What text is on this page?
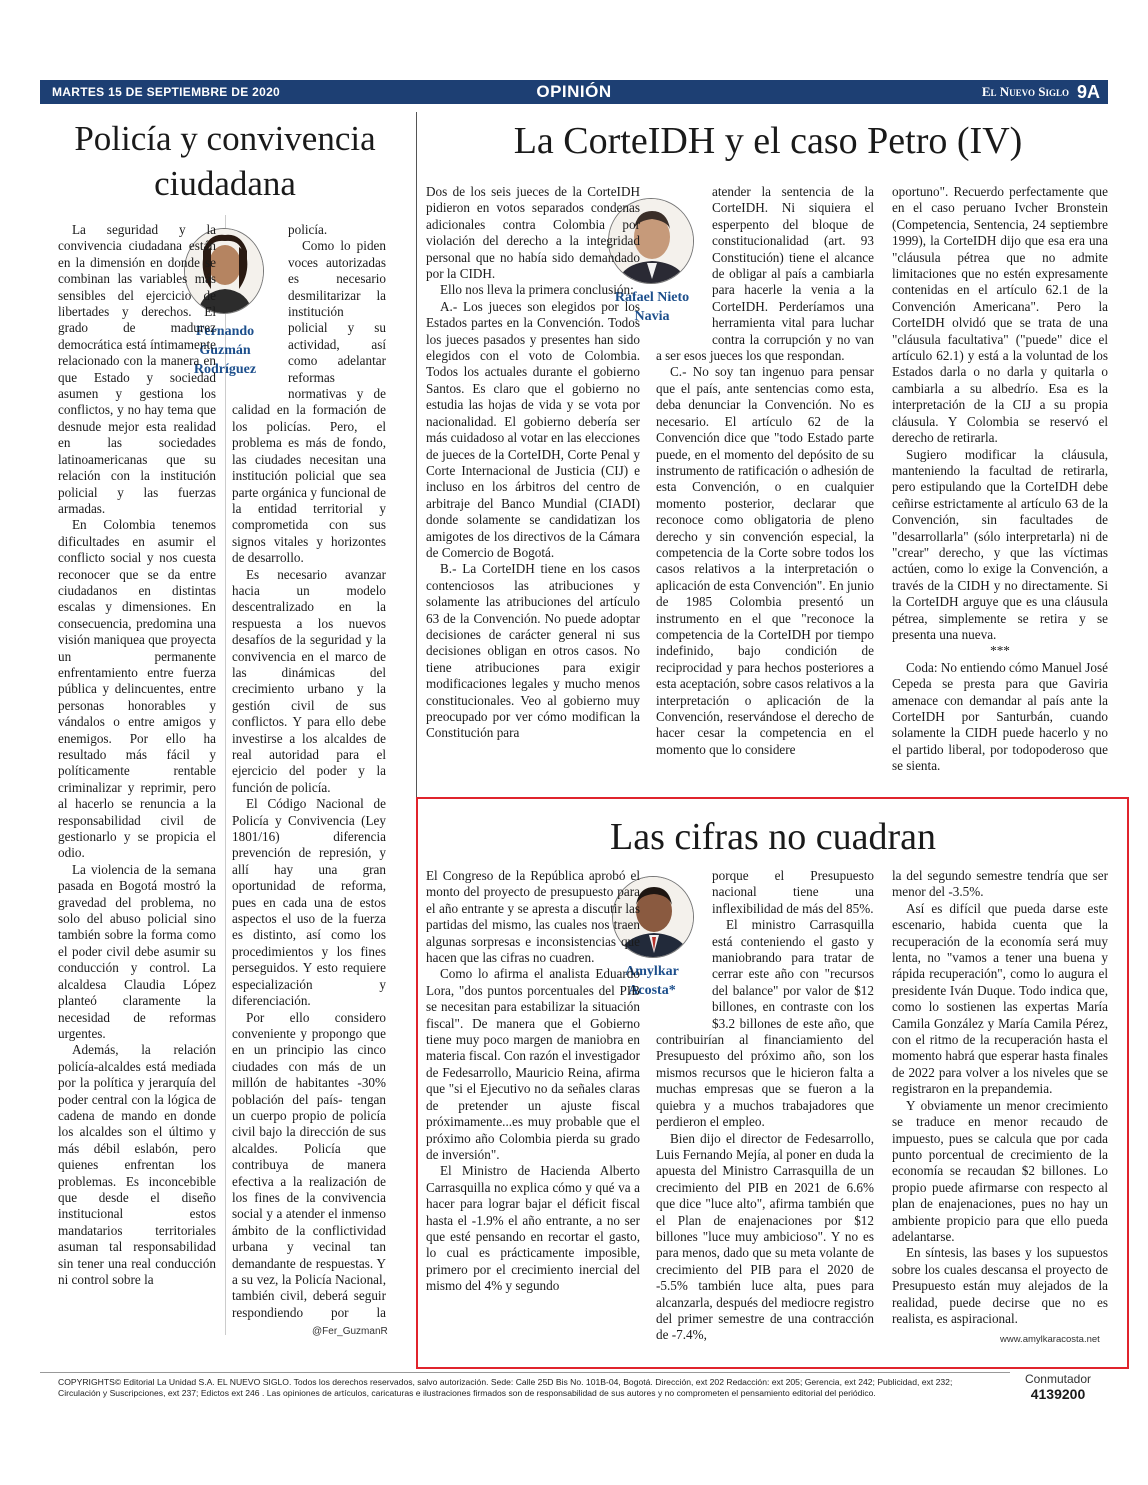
MARTES 15 DE SEPTIEMBRE DE 2020	OPINIÓN	El Nuevo Siglo 9A
Policía y convivencia ciudadana
Fernando Guzmán Rodríguez

La seguridad y la convivencia ciudadana están en la dimensión en donde se combinan las variables más sensibles del ejercicio de libertades y derechos. El grado de madurez democrática está íntimamente relacionado con la manera en que Estado y sociedad asumen y gestiona los conflictos, y no hay tema que desnude mejor esta realidad en las sociedades latinoamericanas que su relación con la institución policial y las fuerzas armadas.

En Colombia tenemos dificultades en asumir el conflicto social y nos cuesta reconocer que se da entre ciudadanos en distintas escalas y dimensiones. En consecuencia, predomina una visión maniquea que proyecta un permanente enfrentamiento entre fuerza pública y delincuentes, entre personas honorables y vándalos o entre amigos y enemigos. Por ello ha resultado más fácil y políticamente rentable criminalizar y reprimir, pero al hacerlo se renuncia a la responsabilidad civil de gestionarlo y se propicia el odio.

La violencia de la semana pasada en Bogotá mostró la gravedad del problema, no solo del abuso policial sino también sobre la forma como el poder civil debe asumir su conducción y control. La alcaldesa Claudia López planteó claramente la necesidad de reformas urgentes.

Además, la relación policía-alcaldes está mediada por la política y jerarquía del poder central con la lógica de cadena de mando en donde los alcaldes son el último y más débil eslabón, pero quienes enfrentan los problemas. Es inconcebible que desde el diseño institucional estos mandatarios territoriales asuman tal responsabilidad sin tener una real conducción ni control sobre la

policía.

Como lo piden voces autorizadas es necesario desmilitarizar la institución policial y su actividad, así como adelantar reformas normativas y de calidad en la formación de los policías. Pero, el problema es más de fondo, las ciudades necesitan una institución policial que sea parte orgánica y funcional de la entidad territorial y comprometida con sus signos vitales y horizontes de desarrollo.

Es necesario avanzar hacia un modelo descentralizado en la respuesta a los nuevos desafíos de la seguridad y la convivencia en el marco de las dinámicas del crecimiento urbano y la gestión civil de sus conflictos. Y para ello debe investirse a los alcaldes de real autoridad para el ejercicio del poder y la función de policía.

El Código Nacional de Policía y Convivencia (Ley 1801/16) diferencia prevención de represión, y allí hay una gran oportunidad de reforma, pues en cada una de estos aspectos el uso de la fuerza es distinto, así como los procedimientos y los fines perseguidos. Y esto requiere especialización y diferenciación.

Por ello considero conveniente y propongo que en un principio las cinco ciudades con más de un millón de habitantes -30% población del país- tengan un cuerpo propio de policía civil bajo la dirección de sus alcaldes. Policía que contribuya de manera efectiva a la realización de los fines de la convivencia social y a atender el inmenso ámbito de la conflictividad urbana y vecinal tan demandante de respuestas. Y a su vez, la Policía Nacional, también civil, deberá seguir respondiendo por la

@Fer_GuzmanR
La CorteIDH y el caso Petro (IV)
Rafael Nieto Navia

Dos de los seis jueces de la CorteIDH pidieron en votos separados condenas adicionales contra Colombia por violación del derecho a la integridad personal que no había sido demandado por la CIDH.

Ello nos lleva la primera conclusión:

A.- Los jueces son elegidos por los Estados partes en la Convención. Todos los jueces pasados y presentes han sido elegidos con el voto de Colombia. Todos los actuales durante el gobierno Santos. Es claro que el gobierno no estudia las hojas de vida y se vota por nacionalidad. El gobierno debería ser más cuidadoso al votar en las elecciones de jueces de la CorteIDH, Corte Penal y Corte Internacional de Justicia (CIJ) e incluso en los árbitros del centro de arbitraje del Banco Mundial (CIADI) donde solamente se candidatizan los amigotes de los directivos de la Cámara de Comercio de Bogotá.

B.- La CorteIDH tiene en los casos contenciosos las atribuciones y solamente las atribuciones del artículo 63 de la Convención. No puede adoptar decisiones de carácter general ni sus decisiones obligan en otros casos. No tiene atribuciones para exigir modificaciones legales y mucho menos constitucionales. Veo al gobierno muy preocupado por ver cómo modifican la Constitución para

atender la sentencia de la CorteIDH. Ni siquiera el esperpento del bloque de constitucionalidad (art. 93 Constitución) tiene el alcance de obligar al país a cambiarla para hacerle la venia a la CorteIDH. Perderíamos una herramienta vital para luchar contra la corrupción y no van a ser esos jueces los que respondan.

C.- No soy tan ingenuo para pensar que el país, ante sentencias como esta, deba denunciar la Convención. No es necesario. El artículo 62 de la Convención dice que "todo Estado parte puede, en el momento del depósito de su instrumento de ratificación o adhesión de esta Convención, o en cualquier momento posterior, declarar que reconoce como obligatoria de pleno derecho y sin convención especial, la competencia de la Corte sobre todos los casos relativos a la interpretación o aplicación de esta Convención". En junio de 1985 Colombia presentó un instrumento en el que "reconoce la competencia de la CorteIDH por tiempo indefinido, bajo condición de reciprocidad y para hechos posteriores a esta aceptación, sobre casos relativos a la interpretación o aplicación de la Convención, reservándose el derecho de hacer cesar la competencia en el momento que lo considere

oportuno". Recuerdo perfectamente que en el caso peruano Ivcher Bronstein (Competencia, Sentencia, 24 septiembre 1999), la CorteIDH dijo que esa era una "cláusula pétrea que no admite limitaciones que no estén expresamente contenidas en el artículo 62.1 de la Convención Americana". Pero la CorteIDH olvidó que se trata de una "cláusula facultativa" ("puede" dice el artículo 62.1) y está a la voluntad de los Estados darla o no darla y quitarla o cambiarla a su albedrío. Esa es la interpretación de la CIJ a su propia cláusula. Y Colombia se reservó el derecho de retirarla.

Sugiero modificar la cláusula, manteniendo la facultad de retirarla, pero estipulando que la CorteIDH debe ceñirse estrictamente al artículo 63 de la Convención, sin facultades de "desarrollarla" (sólo interpretarla) ni de "crear" derecho, y que las víctimas actúen, como lo exige la Convención, a través de la CIDH y no directamente. Si la CorteIDH arguye que es una cláusula pétrea, simplemente se retira y se presenta una nueva.

***

Coda: No entiendo cómo Manuel José Cepeda se presta para que Gaviria amenace con demandar al país ante la CorteIDH por Santurbán, cuando solamente la CIDH puede hacerlo y no el partido liberal, por todopoderoso que se sienta.

Las cifras no cuadran
Amylkar Acosta*

El Congreso de la República aprobó el monto del proyecto de presupuesto para el año entrante y se apresta a discutir las partidas del mismo, las cuales nos traen algunas sorpresas e inconsistencias que hacen que las cifras no cuadren.

Como lo afirma el analista Eduardo Lora, "dos puntos porcentuales del PIB se necesitan para estabilizar la situación fiscal". De manera que el Gobierno tiene muy poco margen de maniobra en materia fiscal. Con razón el investigador de Fedesarrollo, Mauricio Reina, afirma que "si el Ejecutivo no da señales claras de pretender un ajuste fiscal próximamente...es muy probable que el próximo año Colombia pierda su grado de inversión".

El Ministro de Hacienda Alberto Carrasquilla no explica cómo y qué va a hacer para lograr bajar el déficit fiscal hasta el -1.9% el año entrante, a no ser que esté pensando en recortar el gasto, lo cual es prácticamente imposible, primero por el crecimiento inercial del mismo del 4% y segundo

porque el Presupuesto nacional tiene una inflexibilidad de más del 85%.

El ministro Carrasquilla está conteniendo el gasto y maniobrando para tratar de cerrar este año con "recursos del balance" por valor de $12 billones, en contraste con los $3.2 billones de este año, que contribuirían al financiamiento del Presupuesto del próximo año, son los mismos recursos que le hicieron falta a muchas empresas que se fueron a la quiebra y a muchos trabajadores que perdieron el empleo.

Bien dijo el director de Fedesarrollo, Luis Fernando Mejía, al poner en duda la apuesta del Ministro Carrasquilla de un crecimiento del PIB en 2021 de 6.6% que dice "luce alto", afirma también que el Plan de enajenaciones por $12 billones "luce muy ambicioso". Y no es para menos, dado que su meta volante de crecimiento del PIB para el 2020 de -5.5% también luce alta, pues para alcanzarla, después del mediocre registro del primer semestre de una contracción de -7.4%,

la del segundo semestre tendría que ser menor del -3.5%.

Así es difícil que pueda darse este escenario, habida cuenta que la recuperación de la economía será muy lenta, no "vamos a tener una buena y rápida recuperación", como lo augura el presidente Iván Duque. Todo indica que, como lo sostienen las expertas María Camila González y María Camila Pérez, con el ritmo de la recuperación hasta el momento habrá que esperar hasta finales de 2022 para volver a los niveles que se registraron en la prepandemia.

Y obviamente un menor crecimiento se traduce en menor recaudo de impuesto, pues se calcula que por cada punto porcentual de crecimiento de la economía se recaudan $2 billones. Lo propio puede afirmarse con respecto al plan de enajenaciones, pues no hay un ambiente propicio para que ello pueda adelantarse.

En síntesis, las bases y los supuestos sobre los cuales descansa el proyecto de Presupuesto están muy alejados de la realidad, puede decirse que no es realista, es aspiracional.

www.amylkaracosta.net
COPYRIGHTS© Editorial La Unidad S.A. EL NUEVO SIGLO. Todos los derechos reservados, salvo autorización. Sede: Calle 25D Bis No. 101B-04, Bogotá. Dirección, ext 202 Redacción: ext 205; Gerencia, ext 242; Publicidad, ext 232;
Circulación y Suscripciones, ext 237; Edictos ext 246 . Las opiniones de artículos, caricaturas e ilustraciones firmados son de responsabilidad de sus autores y no comprometen el pensamiento editorial del periódico.
Conmutador
4139200
